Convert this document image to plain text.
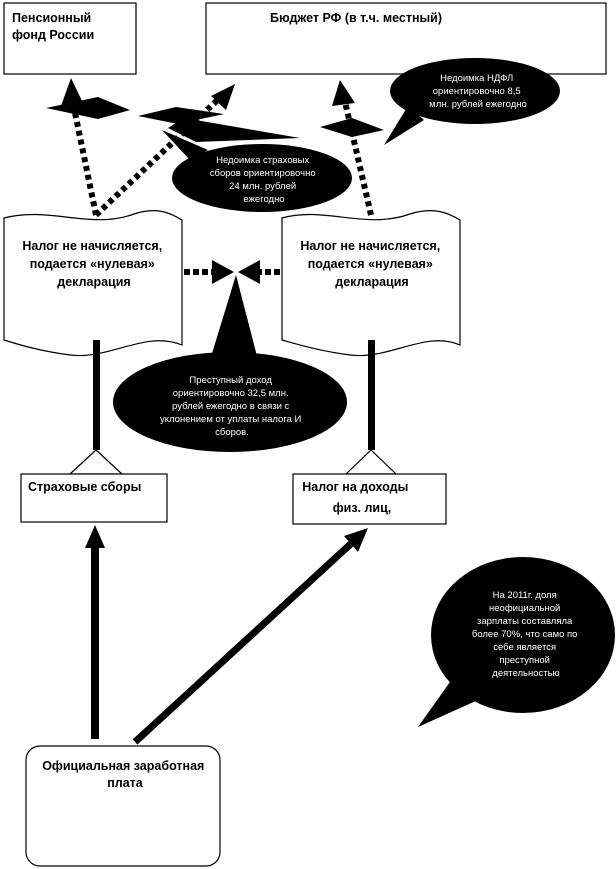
Пенсионный фонд России
Бюджет РФ (в т.ч. местный)
Недоимка НДФЛ ориентировочно 8,5 млн. рублей ежегодно
Недоимка страховых сборов ориентировочно 24 млн. рублей ежегодно
Преступный доход ориентировочно 32,5 млн. рублей ежегодно в связи с уклонением от уплаты налога И сборов.
На 2011г. доля неофициальной зарплаты составляла более 70%, что само по себе является преступной деятельностью
Налог не начисляется, подается «нулевая» декларация
Налог не начисляется, подается «нулевая» декларация
Страховые сборы	Налог на доходы физ. лиц,
Официальная заработная плата
